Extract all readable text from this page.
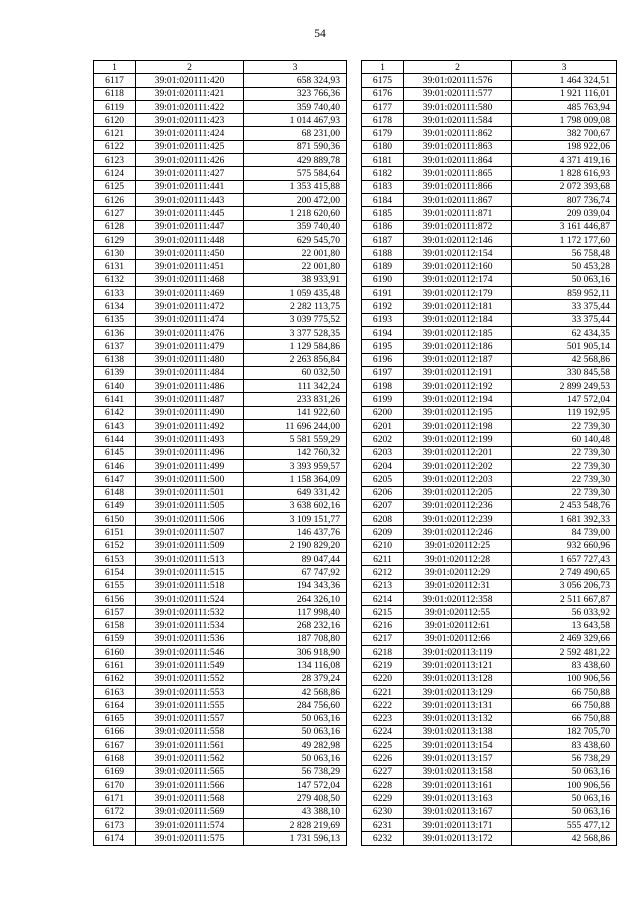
54
1	2	3
6117	39:01:020111:420	658 324,93
6118	39:01:020111:421	323 766,36
6119	39:01:020111:422	359 740,40
6120	39:01:020111:423	1 014 467,93
6121	39:01:020111:424	68 231,00
6122	39:01:020111:425	871 590,36
6123	39:01:020111:426	429 889,78
6124	39:01:020111:427	575 584,64
6125	39:01:020111:441	1 353 415,88
6126	39:01:020111:443	200 472,00
6127	39:01:020111:445	1 218 620,60
6128	39:01:020111:447	359 740,40
6129	39:01:020111:448	629 545,70
6130	39:01:020111:450	22 001,80
6131	39:01:020111:451	22 001,80
6132	39:01:020111:468	38 933,91
6133	39:01:020111:469	1 059 435,48
6134	39:01:020111:472	2 282 113,75
6135	39:01:020111:474	3 039 775,52
6136	39:01:020111:476	3 377 528,35
6137	39:01:020111:479	1 129 584,86
6138	39:01:020111:480	2 263 856,84
6139	39:01:020111:484	60 032,50
6140	39:01:020111:486	111 342,24
6141	39:01:020111:487	233 831,26
6142	39:01:020111:490	141 922,60
6143	39:01:020111:492	11 696 244,00
6144	39:01:020111:493	5 581 559,29
6145	39:01:020111:496	142 760,32
6146	39:01:020111:499	3 393 959,57
6147	39:01:020111:500	1 158 364,09
6148	39:01:020111:501	649 331,42
6149	39:01:020111:505	3 638 602,16
6150	39:01:020111:506	3 109 151,77
6151	39:01:020111:507	146 437,76
6152	39:01:020111:509	2 190 829,20
6153	39:01:020111:513	89 047,44
6154	39:01:020111:515	67 747,92
6155	39:01:020111:518	194 343,36
6156	39:01:020111:524	264 326,10
6157	39:01:020111:532	117 998,40
6158	39:01:020111:534	268 232,16
6159	39:01:020111:536	187 708,80
6160	39:01:020111:546	306 918,90
6161	39:01:020111:549	134 116,08
6162	39:01:020111:552	28 379,24
6163	39:01:020111:553	42 568,86
6164	39:01:020111:555	284 756,60
6165	39:01:020111:557	50 063,16
6166	39:01:020111:558	50 063,16
6167	39:01:020111:561	49 282,98
6168	39:01:020111:562	50 063,16
6169	39:01:020111:565	56 738,29
6170	39:01:020111:566	147 572,04
6171	39:01:020111:568	279 408,50
6172	39:01:020111:569	43 388,10
6173	39:01:020111:574	2 828 219,69
6174	39:01:020111:575	1 731 596,13
1	2	3
6175	39:01:020111:576	1 464 324,51
6176	39:01:020111:577	1 921 116,01
6177	39:01:020111:580	485 763,94
6178	39:01:020111:584	1 798 009,08
6179	39:01:020111:862	382 700,67
6180	39:01:020111:863	198 922,06
6181	39:01:020111:864	4 371 419,16
6182	39:01:020111:865	1 828 616,93
6183	39:01:020111:866	2 072 393,68
6184	39:01:020111:867	807 736,74
6185	39:01:020111:871	209 039,04
6186	39:01:020111:872	3 161 446,87
6187	39:01:020112:146	1 172 177,60
6188	39:01:020112:154	56 758,48
6189	39:01:020112:160	50 453,28
6190	39:01:020112:174	50 063,16
6191	39:01:020112:179	859 952,11
6192	39:01:020112:181	33 375,44
6193	39:01:020112:184	33 375,44
6194	39:01:020112:185	62 434,35
6195	39:01:020112:186	501 905,14
6196	39:01:020112:187	42 568,86
6197	39:01:020112:191	330 845,58
6198	39:01:020112:192	2 899 249,53
6199	39:01:020112:194	147 572,04
6200	39:01:020112:195	119 192,95
6201	39:01:020112:198	22 739,30
6202	39:01:020112:199	60 140,48
6203	39:01:020112:201	22 739,30
6204	39:01:020112:202	22 739,30
6205	39:01:020112:203	22 739,30
6206	39:01:020112:205	22 739,30
6207	39:01:020112:236	2 453 548,76
6208	39:01:020112:239	1 681 392,33
6209	39:01:020112:246	84 739,00
6210	39:01:020112:25	932 660,96
6211	39:01:020112:28	1 657 727,43
6212	39:01:020112:29	2 749 490,65
6213	39:01:020112:31	3 056 206,73
6214	39:01:020112:358	2 511 667,87
6215	39:01:020112:55	56 033,92
6216	39:01:020112:61	13 643,58
6217	39:01:020112:66	2 469 329,66
6218	39:01:020113:119	2 592 481,22
6219	39:01:020113:121	83 438,60
6220	39:01:020113:128	100 906,56
6221	39:01:020113:129	66 750,88
6222	39:01:020113:131	66 750,88
6223	39:01:020113:132	66 750,88
6224	39:01:020113:138	182 705,70
6225	39:01:020113:154	83 438,60
6226	39:01:020113:157	56 738,29
6227	39:01:020113:158	50 063,16
6228	39:01:020113:161	100 906,56
6229	39:01:020113:163	50 063,16
6230	39:01:020113:167	50 063,16
6231	39:01:020113:171	555 477,12
6232	39:01:020113:172	42 568,86
